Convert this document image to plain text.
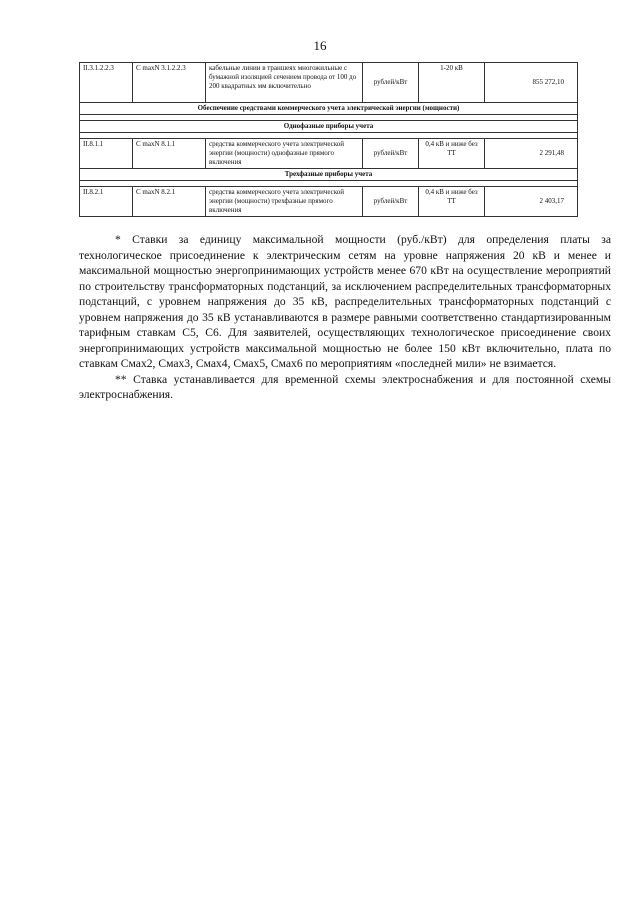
16
II.3.1.2.2.3	C maxN 3.1.2.2.3	кабельные линии в траншеях многожильные с бумажной изоляцией сечением провода от 100 до 200 квадратных мм включительно	рублей/кВт	1-20 кВ	855 272,10
Обеспечение средствами коммерческого учета электрической энергии (мощности)					

Однофазные приборы учета					

II.8.1.1	C maxN 8.1.1	средства коммерческого учета электрической энергии (мощности) однофазные прямого включения	рублей/кВт	0,4 кВ и ниже без ТТ	2 291,48
Трехфазные приборы учета					

II.8.2.1	C maxN 8.2.1	средства коммерческого учета электрической энергии (мощности) трехфазные прямого включения	рублей/кВт	0,4 кВ и ниже без ТТ	2 403,17

* Ставки за единицу максимальной мощности (руб./кВт) для определения платы за технологическое присоединение к электрическим сетям на уровне напряжения 20 кВ и менее и максимальной мощностью энергопринимающих устройств менее 670 кВт на осуществление мероприятий по строительству трансформаторных подстанций, за исключением распределительных трансформаторных подстанций, с уровнем напряжения до 35 кВ, распределительных трансформаторных подстанций с уровнем напряжения до 35 кВ устанавливаются в размере равными соответственно стандартизированным тарифным ставкам С5, С6. Для заявителей, осуществляющих технологическое присоединение своих энергопринимающих устройств максимальной мощностью не более 150 кВт включительно, плата по ставкам Смах2, Смах3, Смах4, Смах5, Смах6 по мероприятиям «последней мили» не взимается.

** Ставка устанавливается для временной схемы электроснабжения и для постоянной схемы электроснабжения.
